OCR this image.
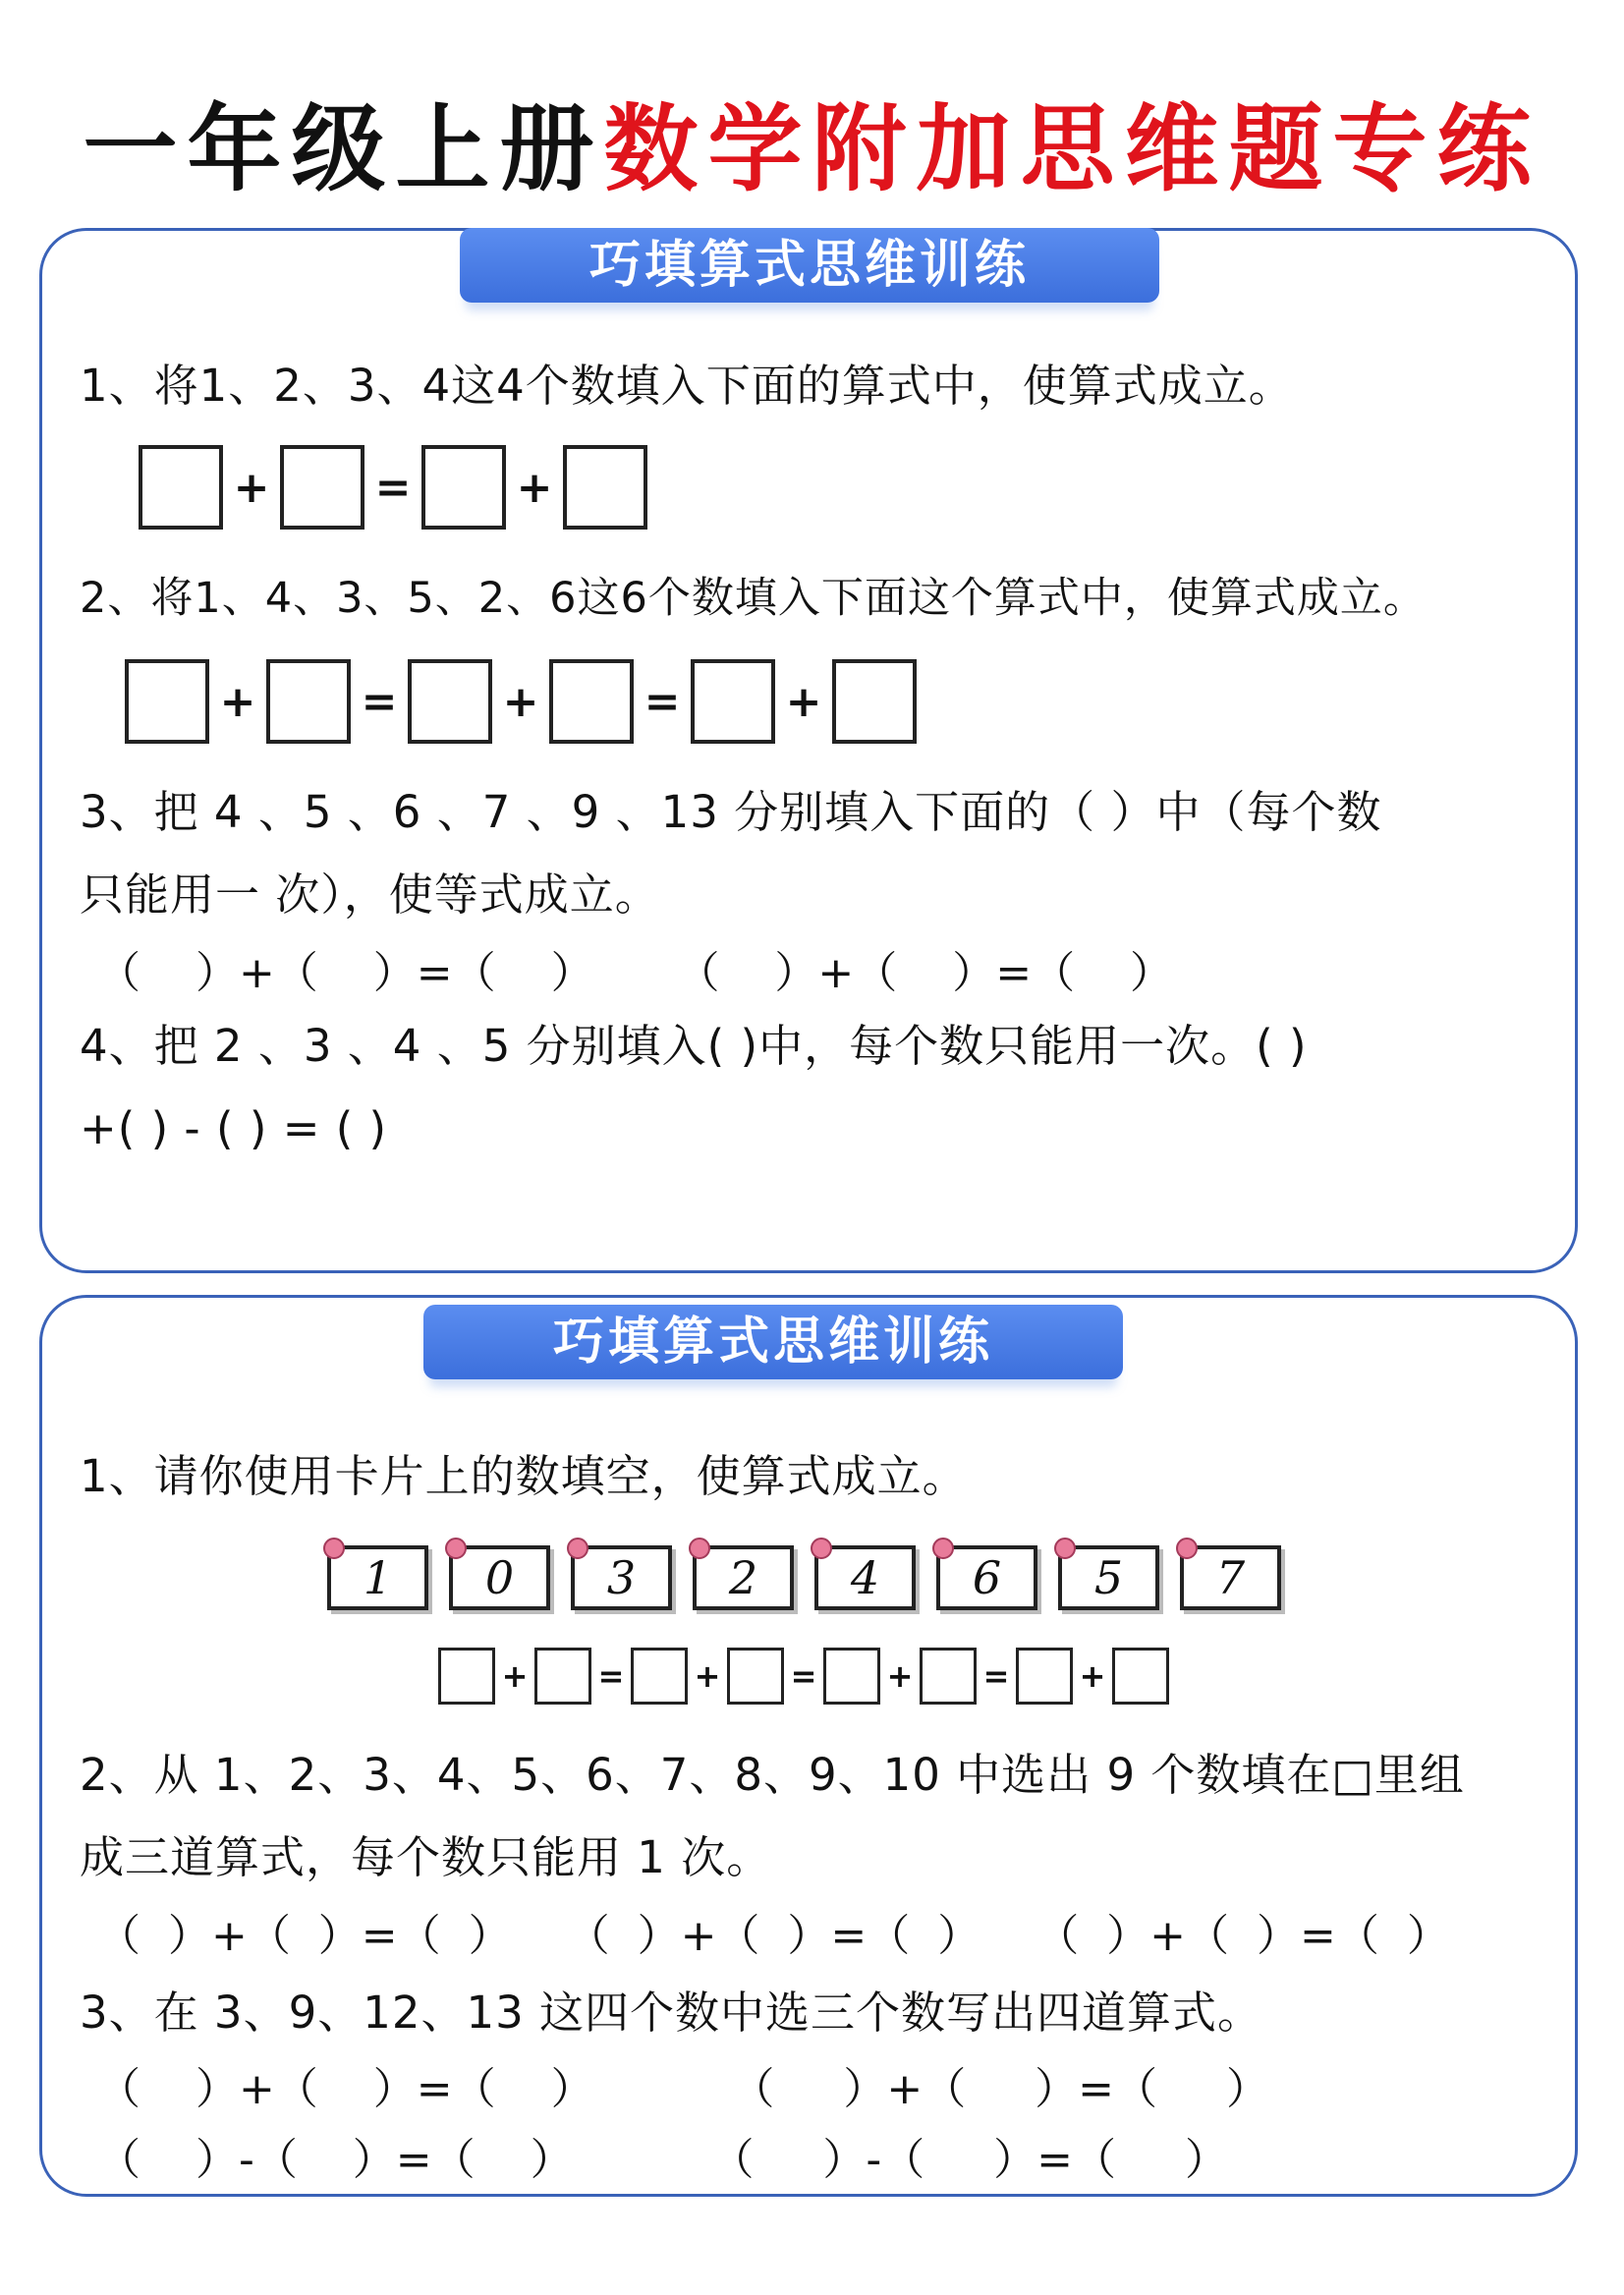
一年级上册数学附加思维题专练
巧填算式思维训练
1、将1、2、3、4这4个数填入下面的算式中，使算式成立。
+ = +
2、将1、4、3、5、2、6这6个数填入下面这个算式中，使算式成立。
+ = + = +
3、把 4 、5 、6 、7 、9 、13 分别填入下面的（ ）中（每个数
只能用一 次），使等式成立。
（    ）+（    ）=（    ）      （    ）+（    ）=（    ）
4、把 2 、3 、4 、5 分别填入( )中，每个数只能用一次。( )
+( ) - ( ) = ( )
巧填算式思维训练
1、请你使用卡片上的数填空，使算式成立。
1	0	3	2	4	6	5	7
+ = + = + = +
2、从 1、2、3、4、5、6、7、8、9、10 中选出 9 个数填在□里组
成三道算式，每个数只能用 1 次。
（  ）+（  ）=（  ）    （  ）+（  ）=（  ）    （  ）+（  ）=（  ）
3、在 3、9、12、13 这四个数中选三个数写出四道算式。
（    ）+（    ）=（    ）          （     ）+（     ）=（     ）
（    ）-（    ）=（    ）          （     ）-（     ）=（     ）
